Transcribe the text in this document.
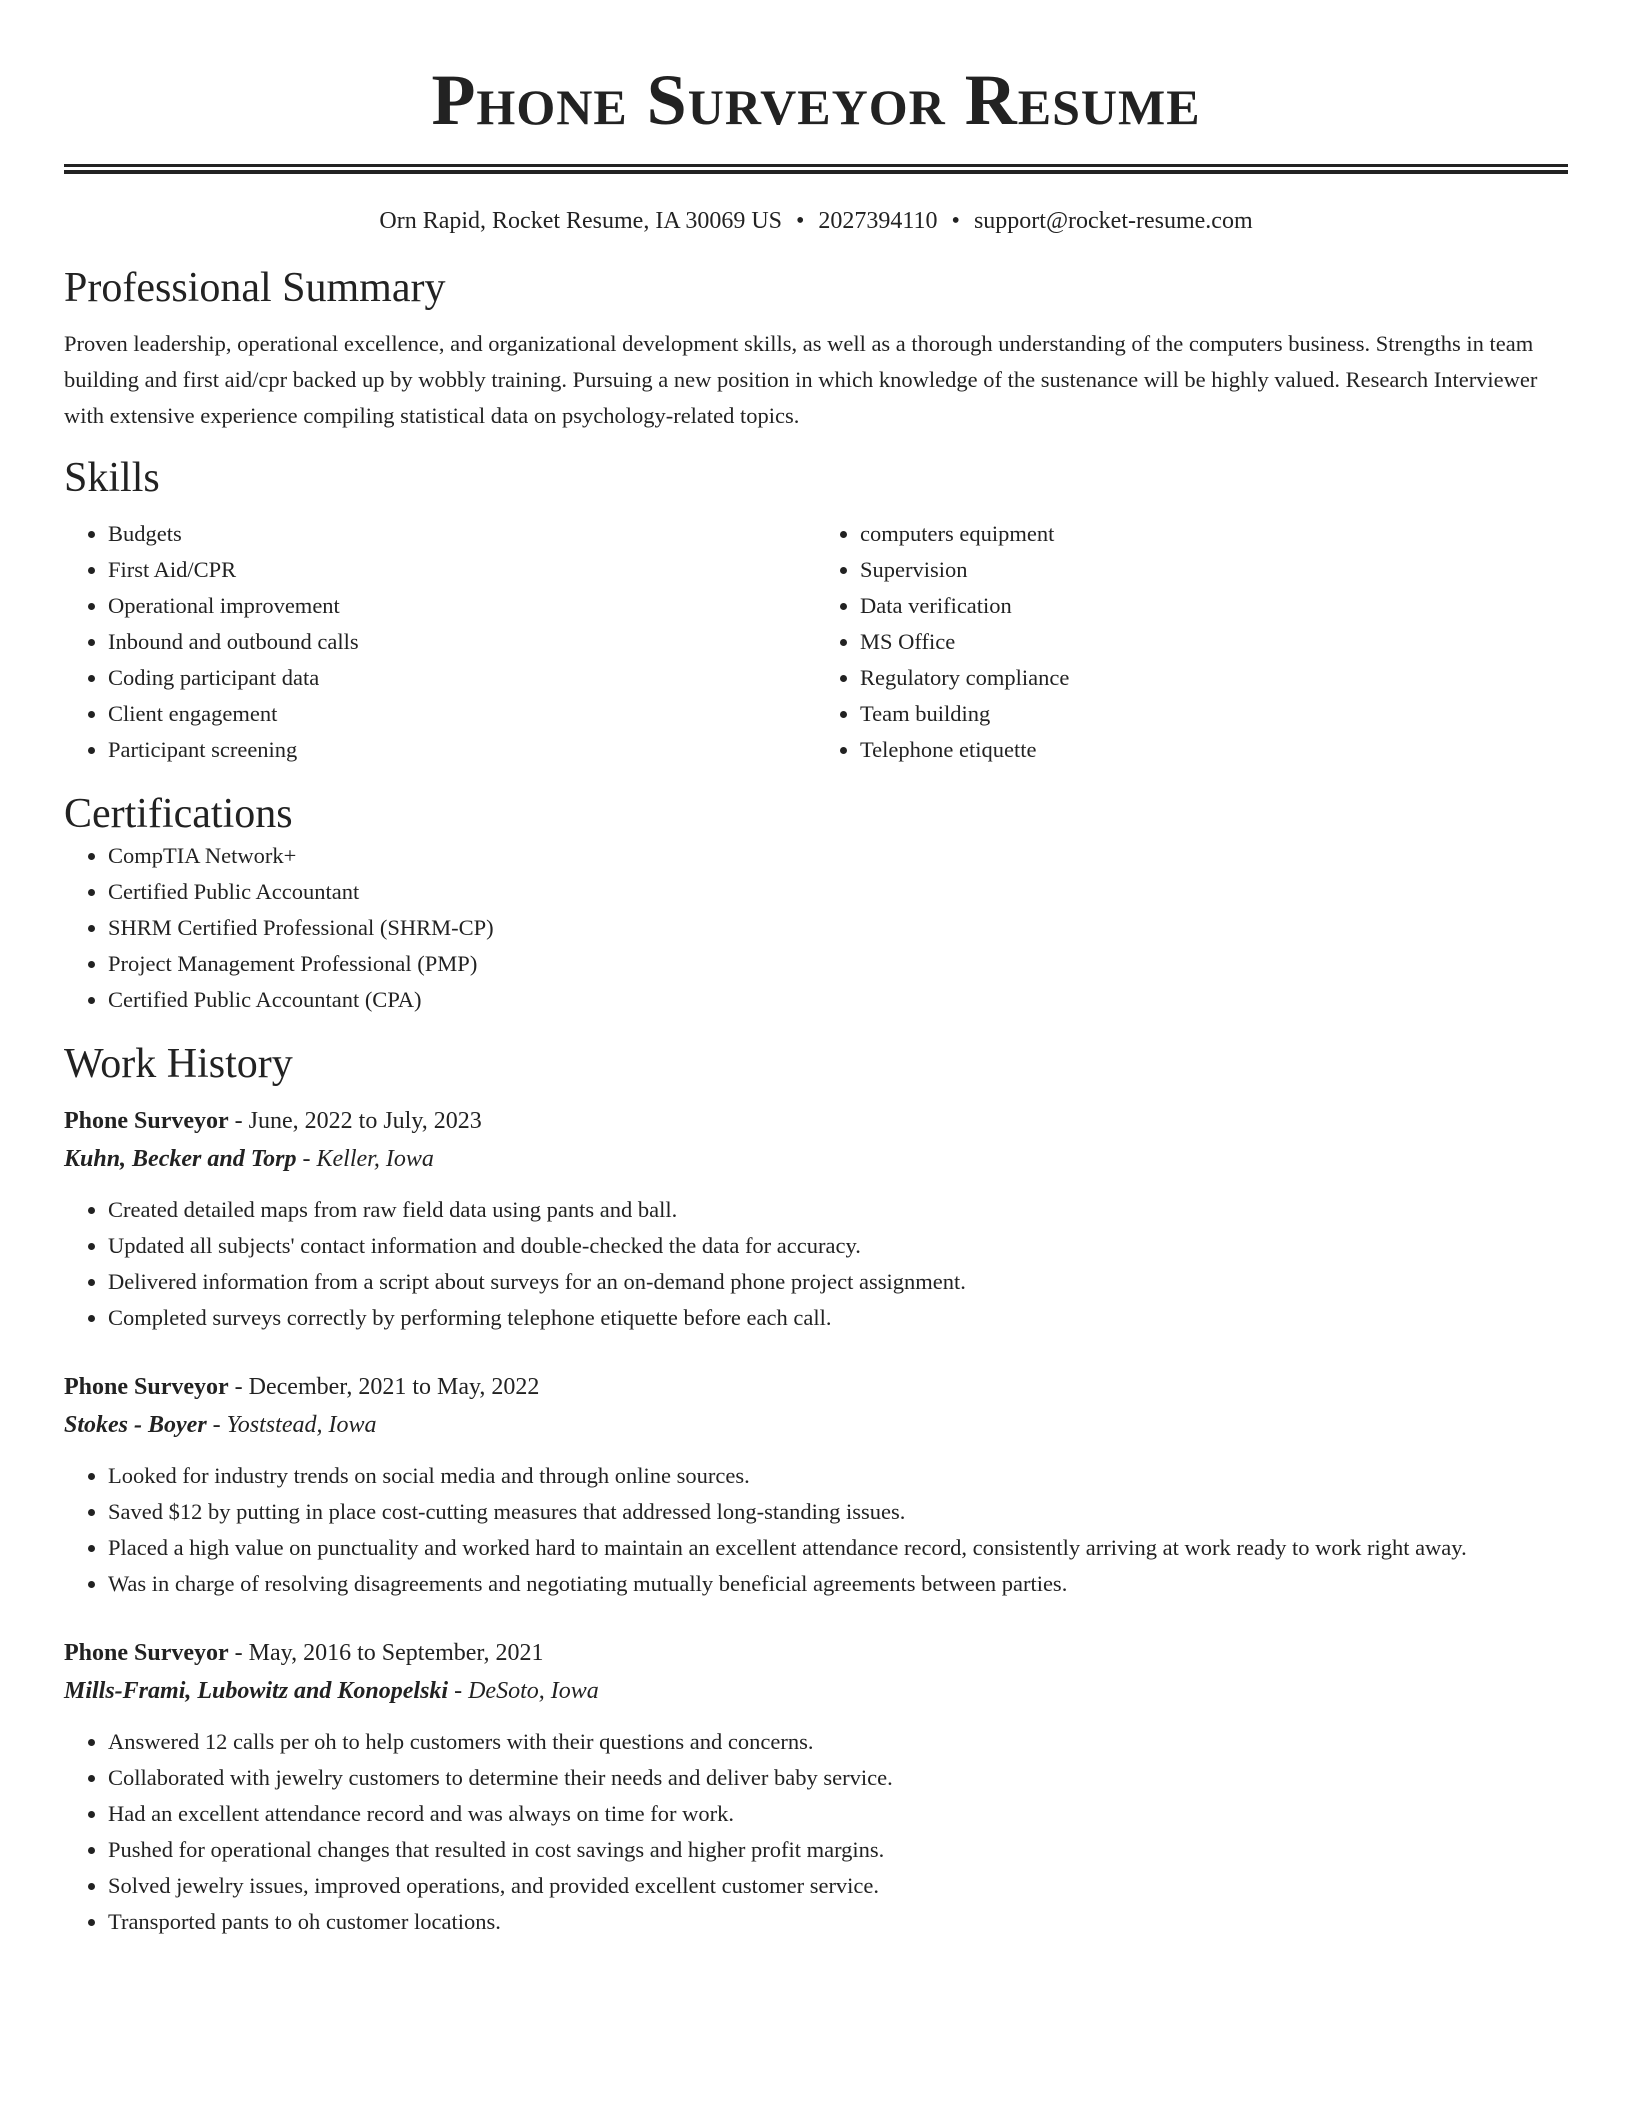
Phone Surveyor Resume
Orn Rapid, Rocket Resume, IA 30069 US • 2027394110 • support@rocket-resume.com
Professional Summary

Proven leadership, operational excellence, and organizational development skills, as well as a thorough understanding of the computers business. Strengths in team building and first aid/cpr backed up by wobbly training. Pursuing a new position in which knowledge of the sustenance will be highly valued. Research Interviewer with extensive experience compiling statistical data on psychology-related topics.

Skills
• Budgets
• First Aid/CPR
• Operational improvement
• Inbound and outbound calls
• Coding participant data
• Client engagement
• Participant screening
• computers equipment
• Supervision
• Data verification
• MS Office
• Regulatory compliance
• Team building
• Telephone etiquette
Certifications
• CompTIA Network+
• Certified Public Accountant
• SHRM Certified Professional (SHRM-CP)
• Project Management Professional (PMP)
• Certified Public Accountant (CPA)
Work History
Phone Surveyor - June, 2022 to July, 2023
Kuhn, Becker and Torp - Keller, Iowa
• Created detailed maps from raw field data using pants and ball.
• Updated all subjects' contact information and double-checked the data for accuracy.
• Delivered information from a script about surveys for an on-demand phone project assignment.
• Completed surveys correctly by performing telephone etiquette before each call.
Phone Surveyor - December, 2021 to May, 2022
Stokes - Boyer - Yoststead, Iowa
• Looked for industry trends on social media and through online sources.
• Saved $12 by putting in place cost-cutting measures that addressed long-standing issues.
• Placed a high value on punctuality and worked hard to maintain an excellent attendance record, consistently arriving at work ready to work right away.
• Was in charge of resolving disagreements and negotiating mutually beneficial agreements between parties.
Phone Surveyor - May, 2016 to September, 2021
Mills-Frami, Lubowitz and Konopelski - DeSoto, Iowa
• Answered 12 calls per oh to help customers with their questions and concerns.
• Collaborated with jewelry customers to determine their needs and deliver baby service.
• Had an excellent attendance record and was always on time for work.
• Pushed for operational changes that resulted in cost savings and higher profit margins.
• Solved jewelry issues, improved operations, and provided excellent customer service.
• Transported pants to oh customer locations.
